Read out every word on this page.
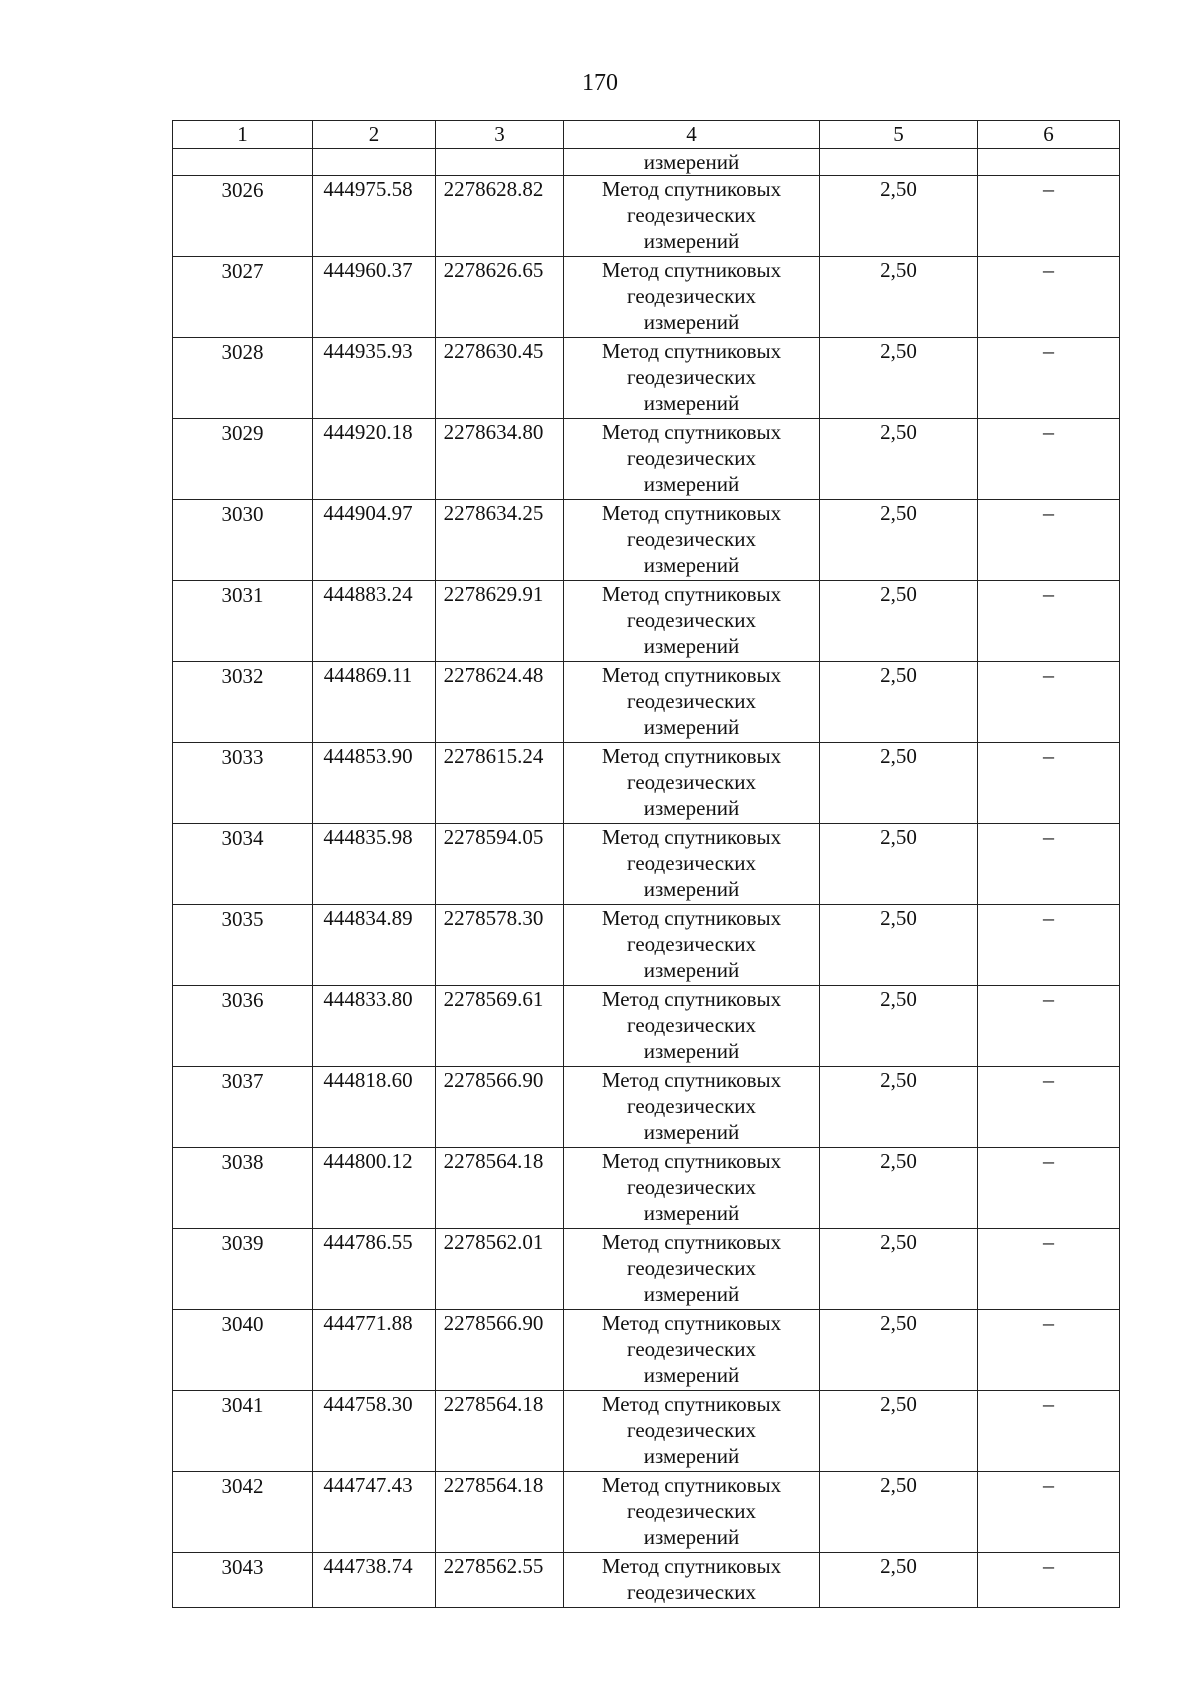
170
1	2	3	4	5	6
			измерений		
3026	444975.58	2278628.82	Метод спутниковых
геодезических
измерений	2,50	–
3027	444960.37	2278626.65	Метод спутниковых
геодезических
измерений	2,50	–
3028	444935.93	2278630.45	Метод спутниковых
геодезических
измерений	2,50	–
3029	444920.18	2278634.80	Метод спутниковых
геодезических
измерений	2,50	–
3030	444904.97	2278634.25	Метод спутниковых
геодезических
измерений	2,50	–
3031	444883.24	2278629.91	Метод спутниковых
геодезических
измерений	2,50	–
3032	444869.11	2278624.48	Метод спутниковых
геодезических
измерений	2,50	–
3033	444853.90	2278615.24	Метод спутниковых
геодезических
измерений	2,50	–
3034	444835.98	2278594.05	Метод спутниковых
геодезических
измерений	2,50	–
3035	444834.89	2278578.30	Метод спутниковых
геодезических
измерений	2,50	–
3036	444833.80	2278569.61	Метод спутниковых
геодезических
измерений	2,50	–
3037	444818.60	2278566.90	Метод спутниковых
геодезических
измерений	2,50	–
3038	444800.12	2278564.18	Метод спутниковых
геодезических
измерений	2,50	–
3039	444786.55	2278562.01	Метод спутниковых
геодезических
измерений	2,50	–
3040	444771.88	2278566.90	Метод спутниковых
геодезических
измерений	2,50	–
3041	444758.30	2278564.18	Метод спутниковых
геодезических
измерений	2,50	–
3042	444747.43	2278564.18	Метод спутниковых
геодезических
измерений	2,50	–
3043	444738.74	2278562.55	Метод спутниковых
геодезических	2,50	–
